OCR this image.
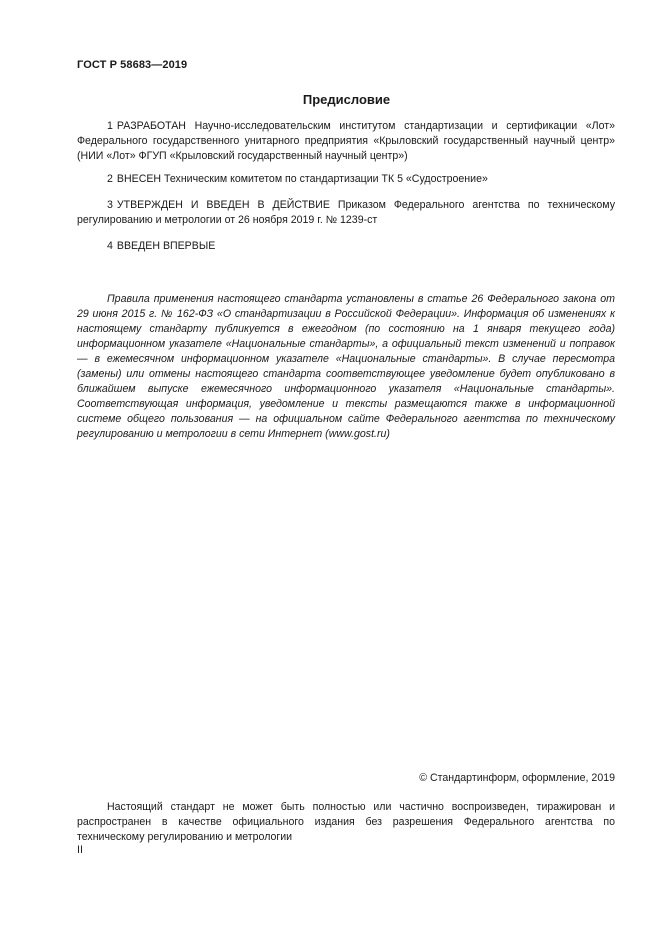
ГОСТ Р 58683—2019
Предисловие
1 РАЗРАБОТАН Научно-исследовательским институтом стандартизации и сертификации «Лот» Федерального государственного унитарного предприятия «Крыловский государственный научный центр» (НИИ «Лот» ФГУП «Крыловский государственный научный центр»)
2 ВНЕСЕН Техническим комитетом по стандартизации ТК 5 «Судостроение»
3 УТВЕРЖДЕН И ВВЕДЕН В ДЕЙСТВИЕ Приказом Федерального агентства по техническому регулированию и метрологии от 26 ноября 2019 г. № 1239-ст
4 ВВЕДЕН ВПЕРВЫЕ
Правила применения настоящего стандарта установлены в статье 26 Федерального закона от 29 июня 2015 г. № 162-ФЗ «О стандартизации в Российской Федерации». Информация об изменениях к настоящему стандарту публикуется в ежегодном (по состоянию на 1 января текущего года) информационном указателе «Национальные стандарты», а официальный текст изменений и поправок — в ежемесячном информационном указателе «Национальные стандарты». В случае пересмотра (замены) или отмены настоящего стандарта соответствующее уведомление будет опубликовано в ближайшем выпуске ежемесячного информационного указателя «Национальные стандарты». Соответствующая информация, уведомление и тексты размещаются также в информационной системе общего пользования — на официальном сайте Федерального агентства по техническому регулированию и метрологии в сети Интернет (www.gost.ru)
© Стандартинформ, оформление, 2019
Настоящий стандарт не может быть полностью или частично воспроизведен, тиражирован и распространен в качестве официального издания без разрешения Федерального агентства по техническому регулированию и метрологии
II
